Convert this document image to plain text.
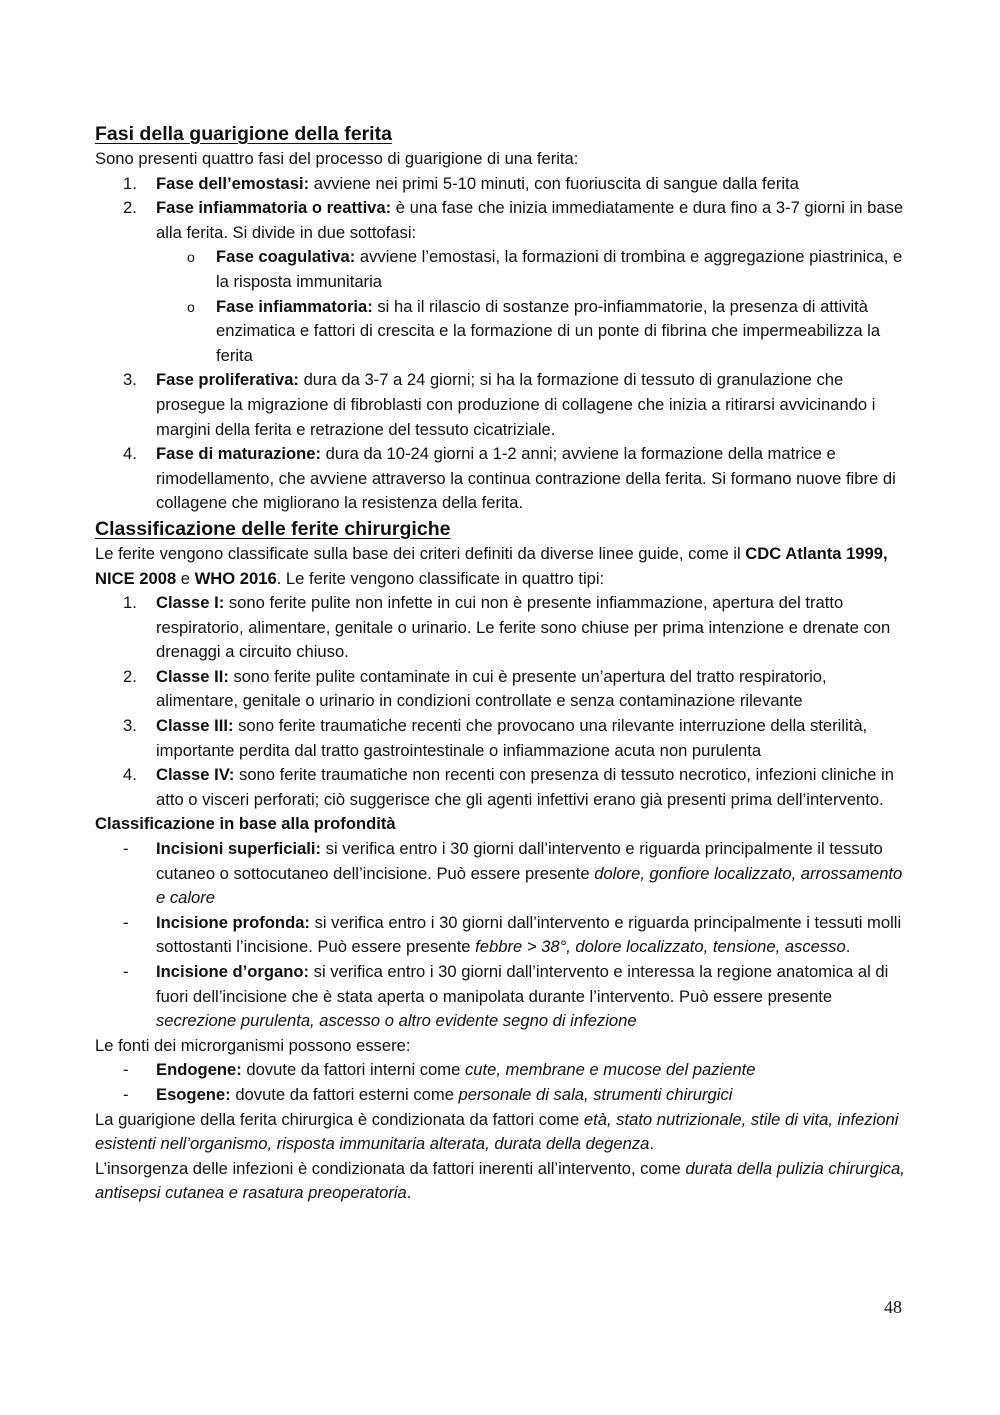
Fasi della guarigione della ferita

Sono presenti quattro fasi del processo di guarigione di una ferita:

1. Fase dell’emostasi: avviene nei primi 5-10 minuti, con fuoriuscita di sangue dalla ferita
2. Fase infiammatoria o reattiva: è una fase che inizia immediatamente e dura fino a 3-7 giorni in base alla ferita. Si divide in due sottofasi:
o Fase coagulativa: avviene l’emostasi, la formazioni di trombina e aggregazione piastrinica, e la risposta immunitaria
o Fase infiammatoria: si ha il rilascio di sostanze pro-infiammatorie, la presenza di attività enzimatica e fattori di crescita e la formazione di un ponte di fibrina che impermeabilizza la ferita
3. Fase proliferativa: dura da 3-7 a 24 giorni; si ha la formazione di tessuto di granulazione che prosegue la migrazione di fibroblasti con produzione di collagene che inizia a ritirarsi avvicinando i margini della ferita e retrazione del tessuto cicatriziale.
4. Fase di maturazione: dura da 10-24 giorni a 1-2 anni; avviene la formazione della matrice e rimodellamento, che avviene attraverso la continua contrazione della ferita. Si formano nuove fibre di collagene che migliorano la resistenza della ferita.
Classificazione delle ferite chirurgiche

Le ferite vengono classificate sulla base dei criteri definiti da diverse linee guide, come il CDC Atlanta 1999, NICE 2008 e WHO 2016. Le ferite vengono classificate in quattro tipi:

1. Classe I: sono ferite pulite non infette in cui non è presente infiammazione, apertura del tratto respiratorio, alimentare, genitale o urinario. Le ferite sono chiuse per prima intenzione e drenate con drenaggi a circuito chiuso.
2. Classe II: sono ferite pulite contaminate in cui è presente un’apertura del tratto respiratorio, alimentare, genitale o urinario in condizioni controllate e senza contaminazione rilevante
3. Classe III: sono ferite traumatiche recenti che provocano una rilevante interruzione della sterilità, importante perdita dal tratto gastrointestinale o infiammazione acuta non purulenta
4. Classe IV: sono ferite traumatiche non recenti con presenza di tessuto necrotico, infezioni cliniche in atto o visceri perforati; ciò suggerisce che gli agenti infettivi erano già presenti prima dell’intervento.

Classificazione in base alla profondità

- Incisioni superficiali: si verifica entro i 30 giorni dall’intervento e riguarda principalmente il tessuto cutaneo o sottocutaneo dell’incisione. Può essere presente dolore, gonfiore localizzato, arrossamento e calore
- Incisione profonda: si verifica entro i 30 giorni dall’intervento e riguarda principalmente i tessuti molli sottostanti l’incisione. Può essere presente febbre > 38°, dolore localizzato, tensione, ascesso.
- Incisione d’organo: si verifica entro i 30 giorni dall’intervento e interessa la regione anatomica al di fuori dell’incisione che è stata aperta o manipolata durante l’intervento. Può essere presente secrezione purulenta, ascesso o altro evidente segno di infezione

Le fonti dei microrganismi possono essere:

- Endogene: dovute da fattori interni come cute, membrane e mucose del paziente
- Esogene: dovute da fattori esterni come personale di sala, strumenti chirurgici

La guarigione della ferita chirurgica è condizionata da fattori come età, stato nutrizionale, stile di vita, infezioni esistenti nell’organismo, risposta immunitaria alterata, durata della degenza.

L’insorgenza delle infezioni è condizionata da fattori inerenti all’intervento, come durata della pulizia chirurgica, antisepsi cutanea e rasatura preoperatoria.

48
